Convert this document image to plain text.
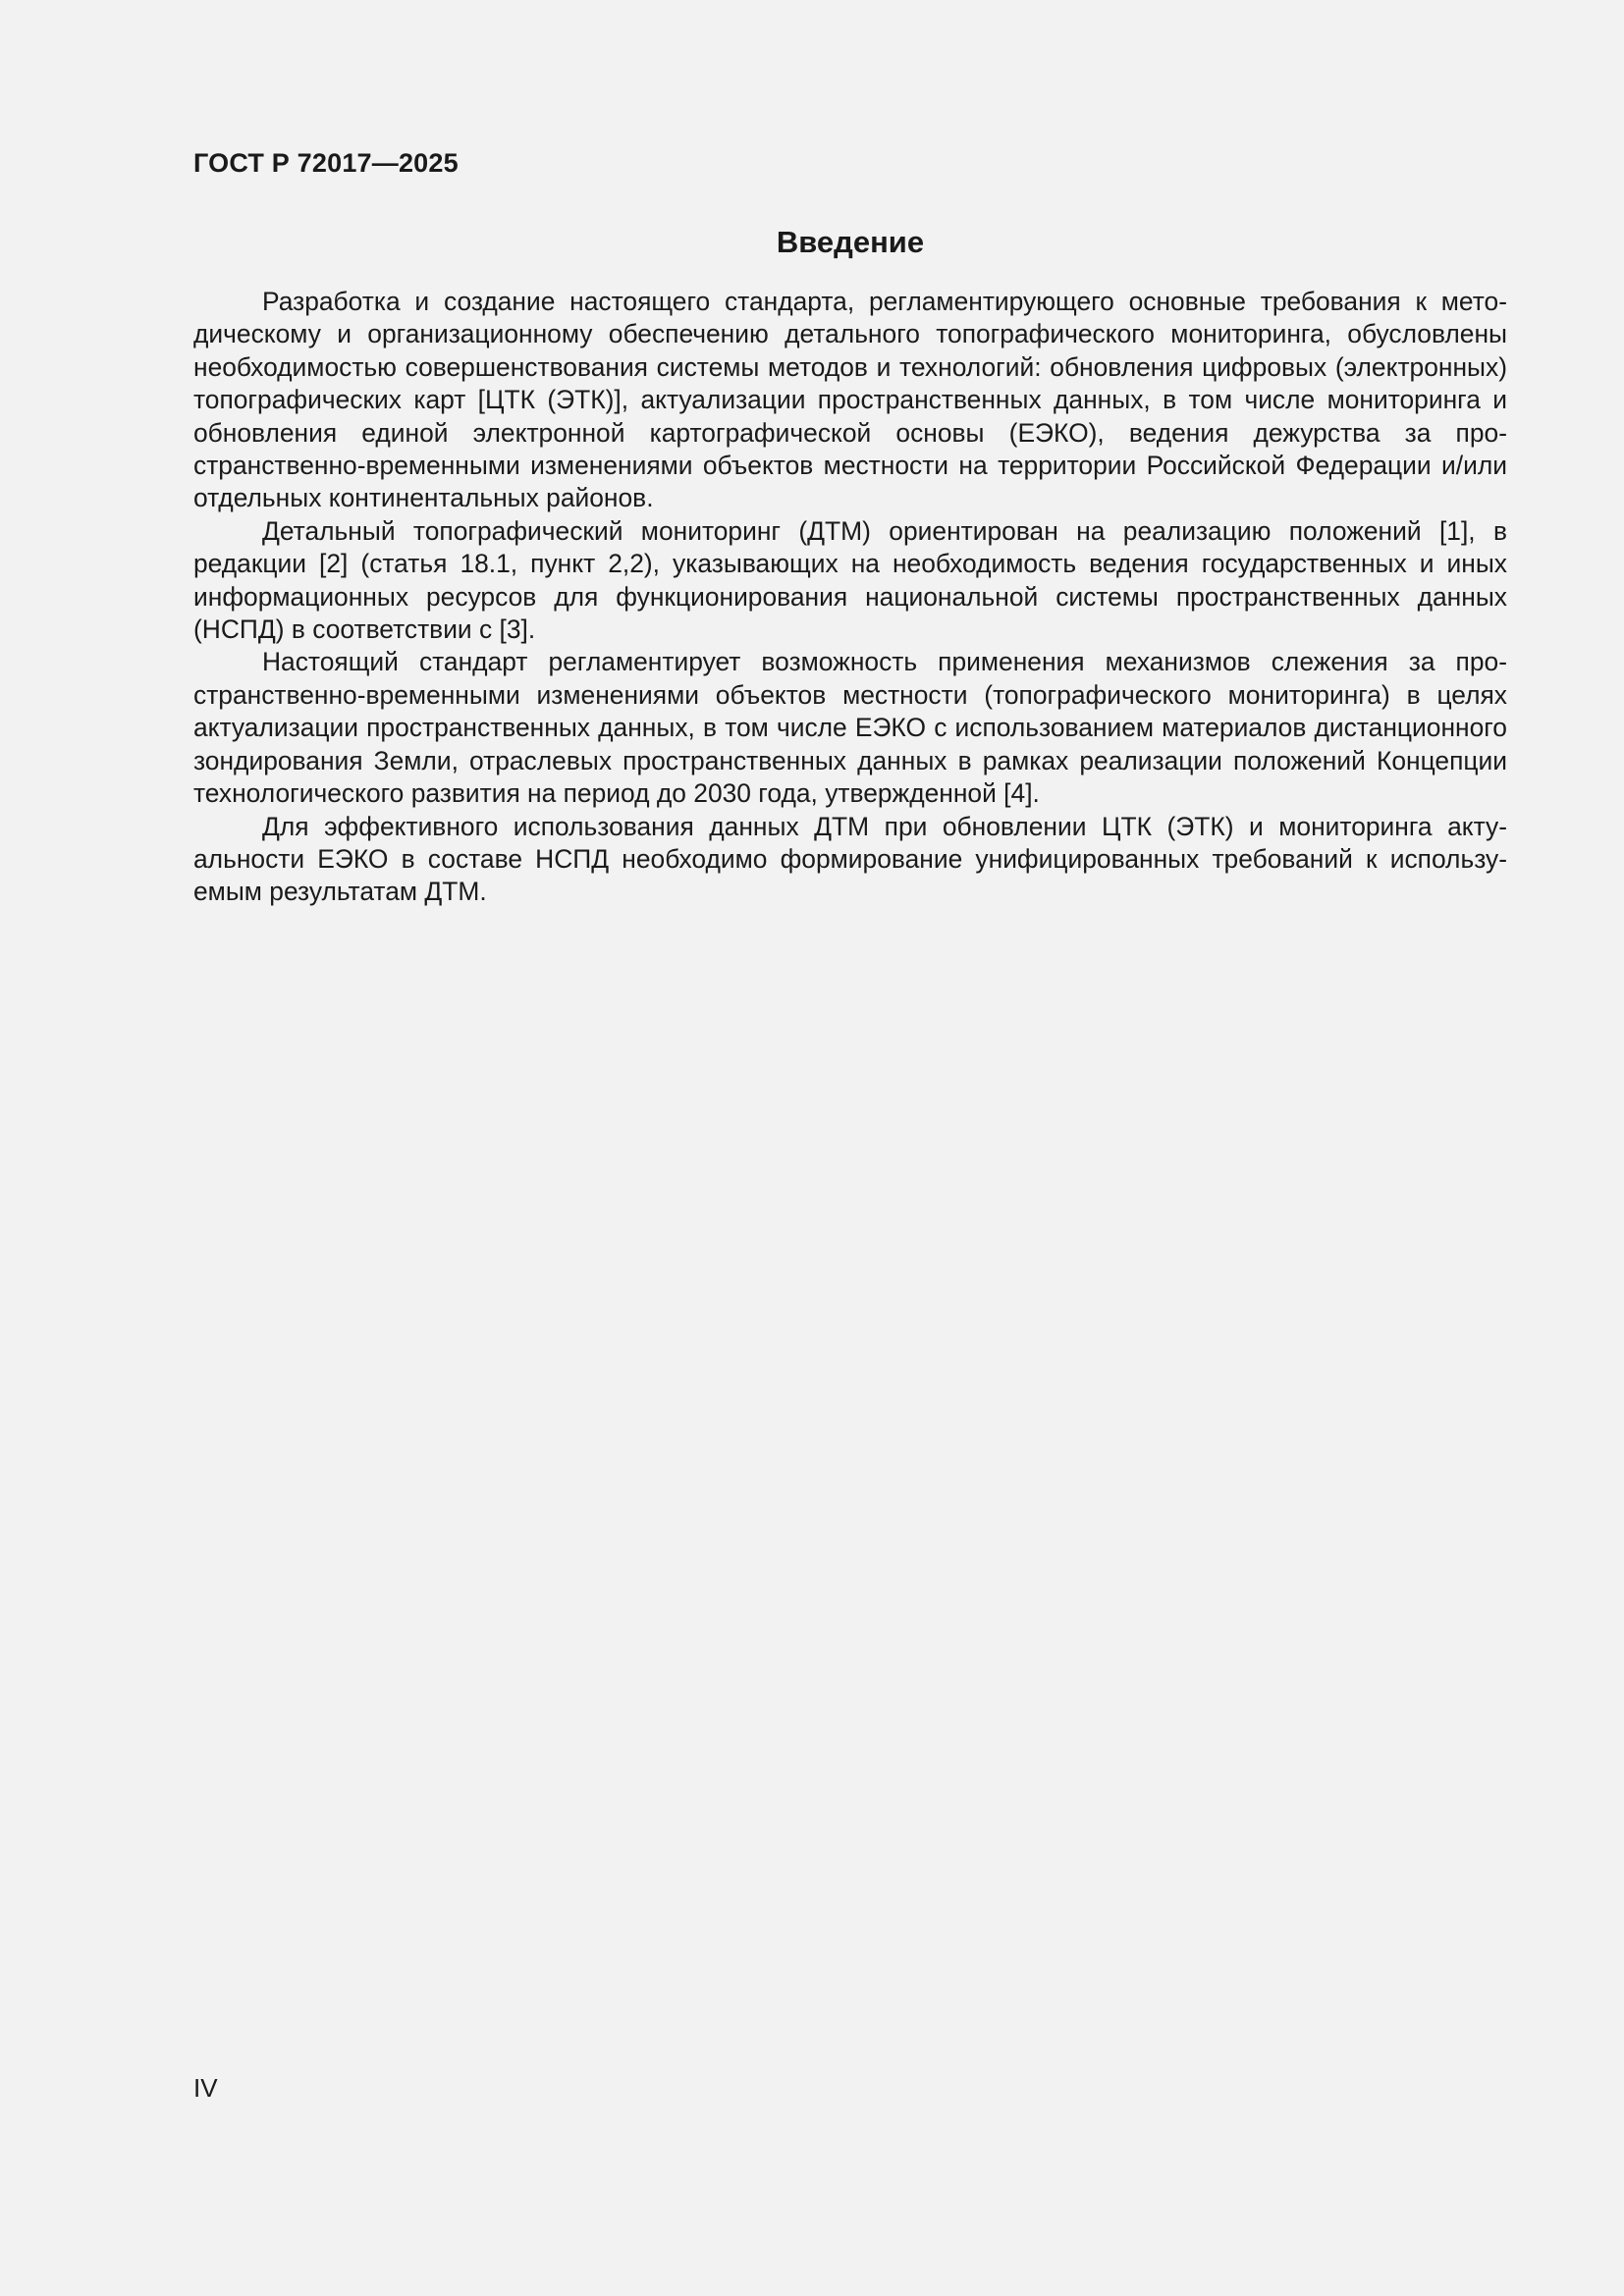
ГОСТ Р 72017—2025

Введение

Разработка и создание настоящего стандарта, регламентирующего основные требования к методическому и организационному обеспечению детального топографического мониторинга, обусловлены необходимостью совершенствования системы методов и технологий: обновления цифровых (электронных) топографических карт [ЦТК (ЭТК)], актуализации пространственных данных, в том числе мониторинга и обновления единой электронной картографической основы (ЕЭКО), ведения дежурства за пространственно-временными изменениями объектов местности на территории Российской Федерации и/или отдельных континентальных районов.

Детальный топографический мониторинг (ДТМ) ориентирован на реализацию положений [1], в редакции [2] (статья 18.1, пункт 2,2), указывающих на необходимость ведения государственных и иных информационных ресурсов для функционирования национальной системы пространственных данных (НСПД) в соответствии с [3].

Настоящий стандарт регламентирует возможность применения механизмов слежения за пространственно-временными изменениями объектов местности (топографического мониторинга) в целях актуализации пространственных данных, в том числе ЕЭКО с использованием материалов дистанционного зондирования Земли, отраслевых пространственных данных в рамках реализации положений Концепции технологического развития на период до 2030 года, утвержденной [4].

Для эффективного использования данных ДТМ при обновлении ЦТК (ЭТК) и мониторинга актуальности ЕЭКО в составе НСПД необходимо формирование унифицированных требований к используемым результатам ДТМ.

IV
